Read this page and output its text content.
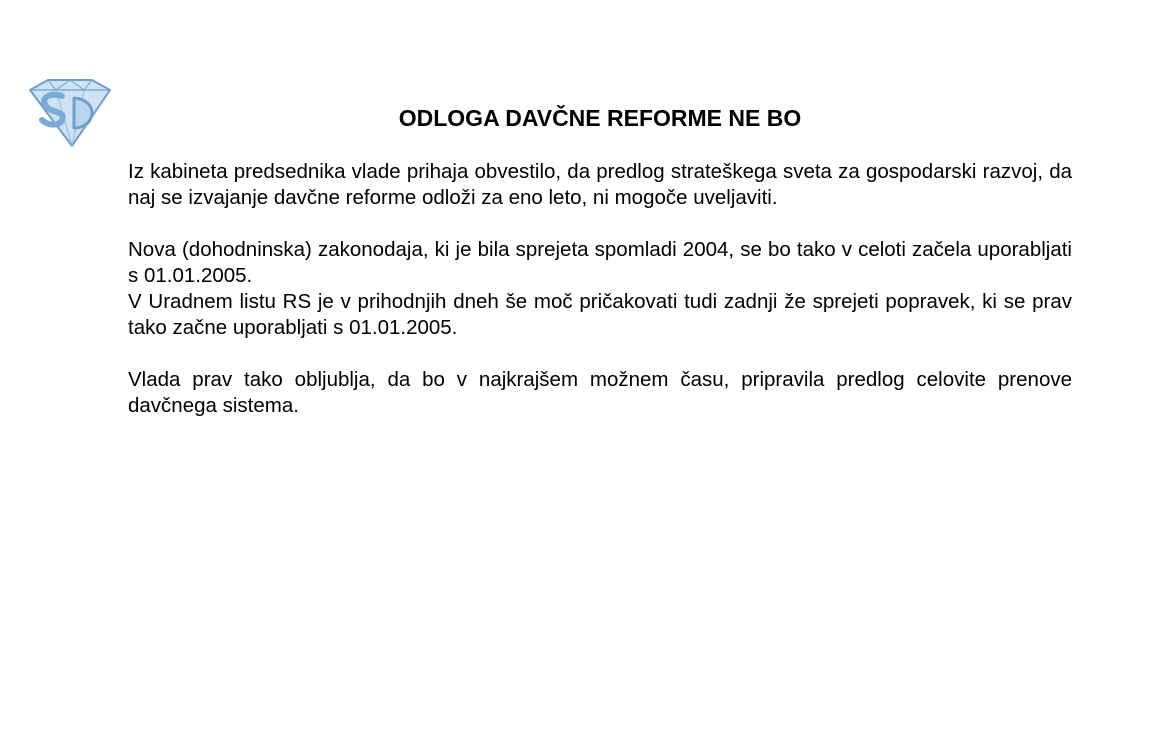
ODLOGA DAVČNE REFORME NE BO

Iz kabineta predsednika vlade prihaja obvestilo, da predlog strateškega sveta za gospodarski razvoj, da naj se izvajanje davčne reforme odloži za eno leto, ni mogoče uveljaviti.

Nova (dohodninska) zakonodaja, ki je bila sprejeta spomladi 2004, se bo tako v celoti začela uporabljati s 01.01.2005.

V Uradnem listu RS je v prihodnjih dneh še moč pričakovati tudi zadnji že sprejeti popravek, ki se prav tako začne uporabljati s 01.01.2005.

Vlada prav tako obljublja, da bo v najkrajšem možnem času, pripravila predlog celovite prenove davčnega sistema.
